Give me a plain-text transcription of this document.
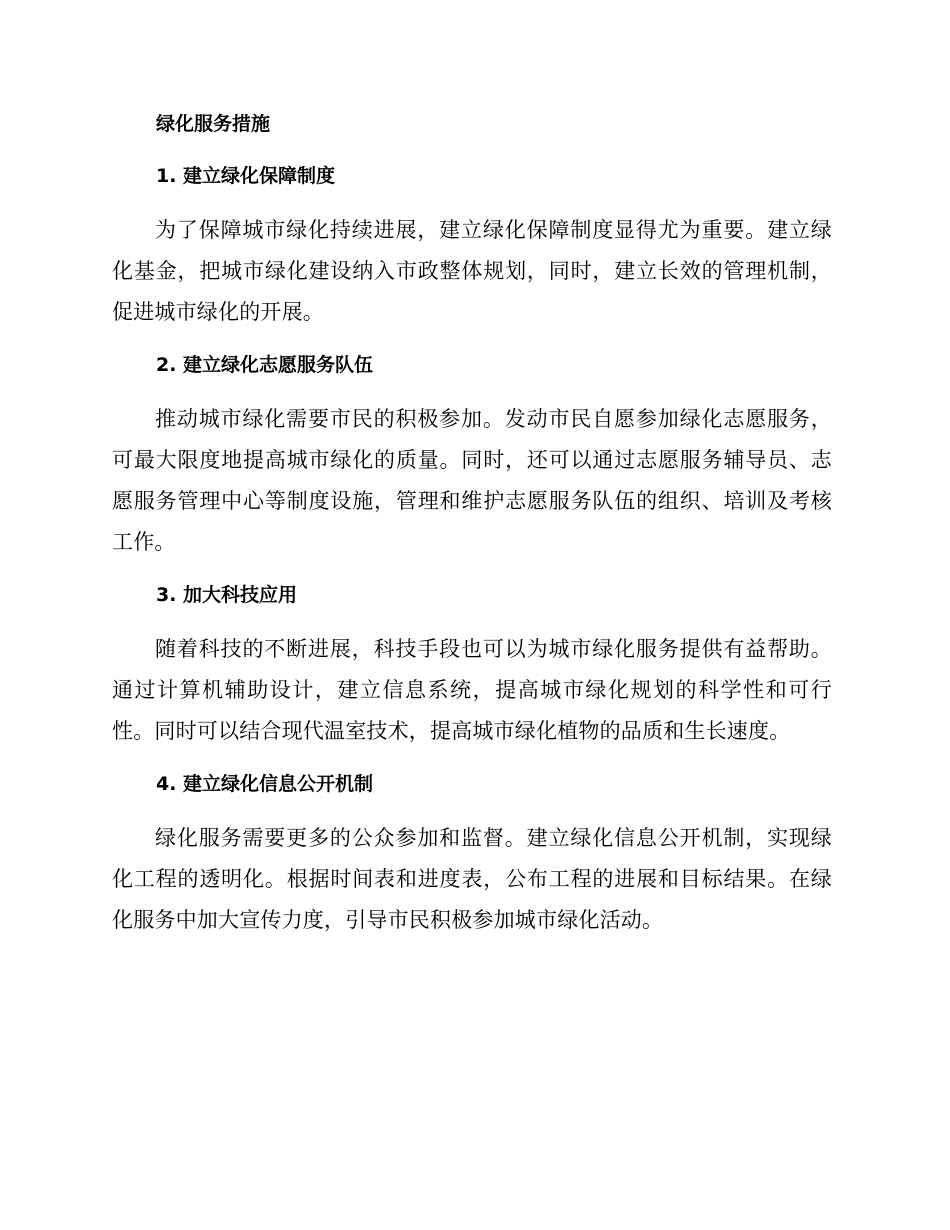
绿化服务措施
1. 建立绿化保障制度

为了保障城市绿化持续进展，建立绿化保障制度显得尤为重要。建立绿化基金，把城市绿化建设纳入市政整体规划，同时，建立长效的管理机制，促进城市绿化的开展。

2. 建立绿化志愿服务队伍

推动城市绿化需要市民的积极参加。发动市民自愿参加绿化志愿服务，可最大限度地提高城市绿化的质量。同时，还可以通过志愿服务辅导员、志愿服务管理中心等制度设施，管理和维护志愿服务队伍的组织、培训及考核工作。

3. 加大科技应用

随着科技的不断进展，科技手段也可以为城市绿化服务提供有益帮助。通过计算机辅助设计，建立信息系统，提高城市绿化规划的科学性和可行性。同时可以结合现代温室技术，提高城市绿化植物的品质和生长速度。

4. 建立绿化信息公开机制

绿化服务需要更多的公众参加和监督。建立绿化信息公开机制，实现绿化工程的透明化。根据时间表和进度表，公布工程的进展和目标结果。在绿化服务中加大宣传力度，引导市民积极参加城市绿化活动。
